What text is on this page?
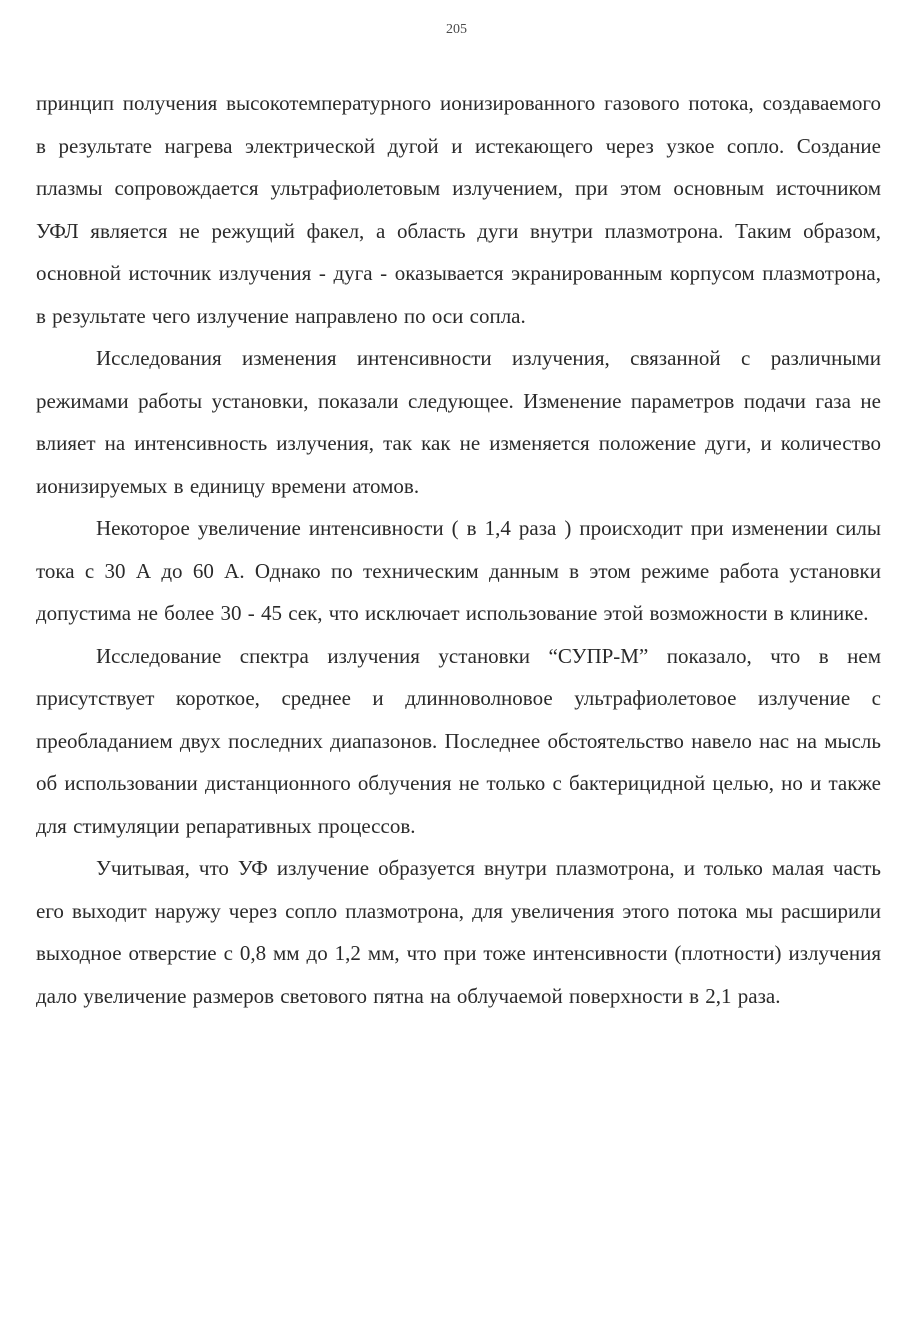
205

принцип получения высокотемпературного ионизированного газового потока, создаваемого в результате нагрева электрической дугой и истекающего через узкое сопло. Создание плазмы сопровождается ультрафиолетовым излучением, при этом основным источником УФЛ является не режущий факел, а область дуги внутри плазмотрона. Таким образом, основной источник излучения - дуга - оказывается экранированным корпусом плазмотрона, в результате чего излучение направлено по оси сопла.

Исследования изменения интенсивности излучения, связанной с различными режимами работы установки, показали следующее. Изменение параметров подачи газа не влияет на интенсивность излучения, так как не изменяется положение дуги, и количество ионизируемых в единицу времени атомов.

Некоторое увеличение интенсивности ( в 1,4 раза ) происходит при изменении силы тока с 30 А до 60 А. Однако по техническим данным в этом режиме работа установки допустима не более 30 - 45 сек, что исключает использование этой возможности в клинике.

Исследование спектра излучения установки “СУПР-М” показало, что в нем присутствует короткое, среднее и длинноволновое ультрафиолетовое излучение с преобладанием двух последних диапазонов. Последнее обстоятельство навело нас на мысль об использовании дистанционного облучения не только с бактерицидной целью, но и также для стимуляции репаративных процессов.

Учитывая, что УФ излучение образуется внутри плазмотрона, и только малая часть его выходит наружу через сопло плазмотрона, для увеличения этого потока мы расширили выходное отверстие с 0,8 мм до 1,2 мм, что при тоже интенсивности (плотности) излучения дало увеличение размеров светового пятна на облучаемой поверхности в 2,1 раза.
